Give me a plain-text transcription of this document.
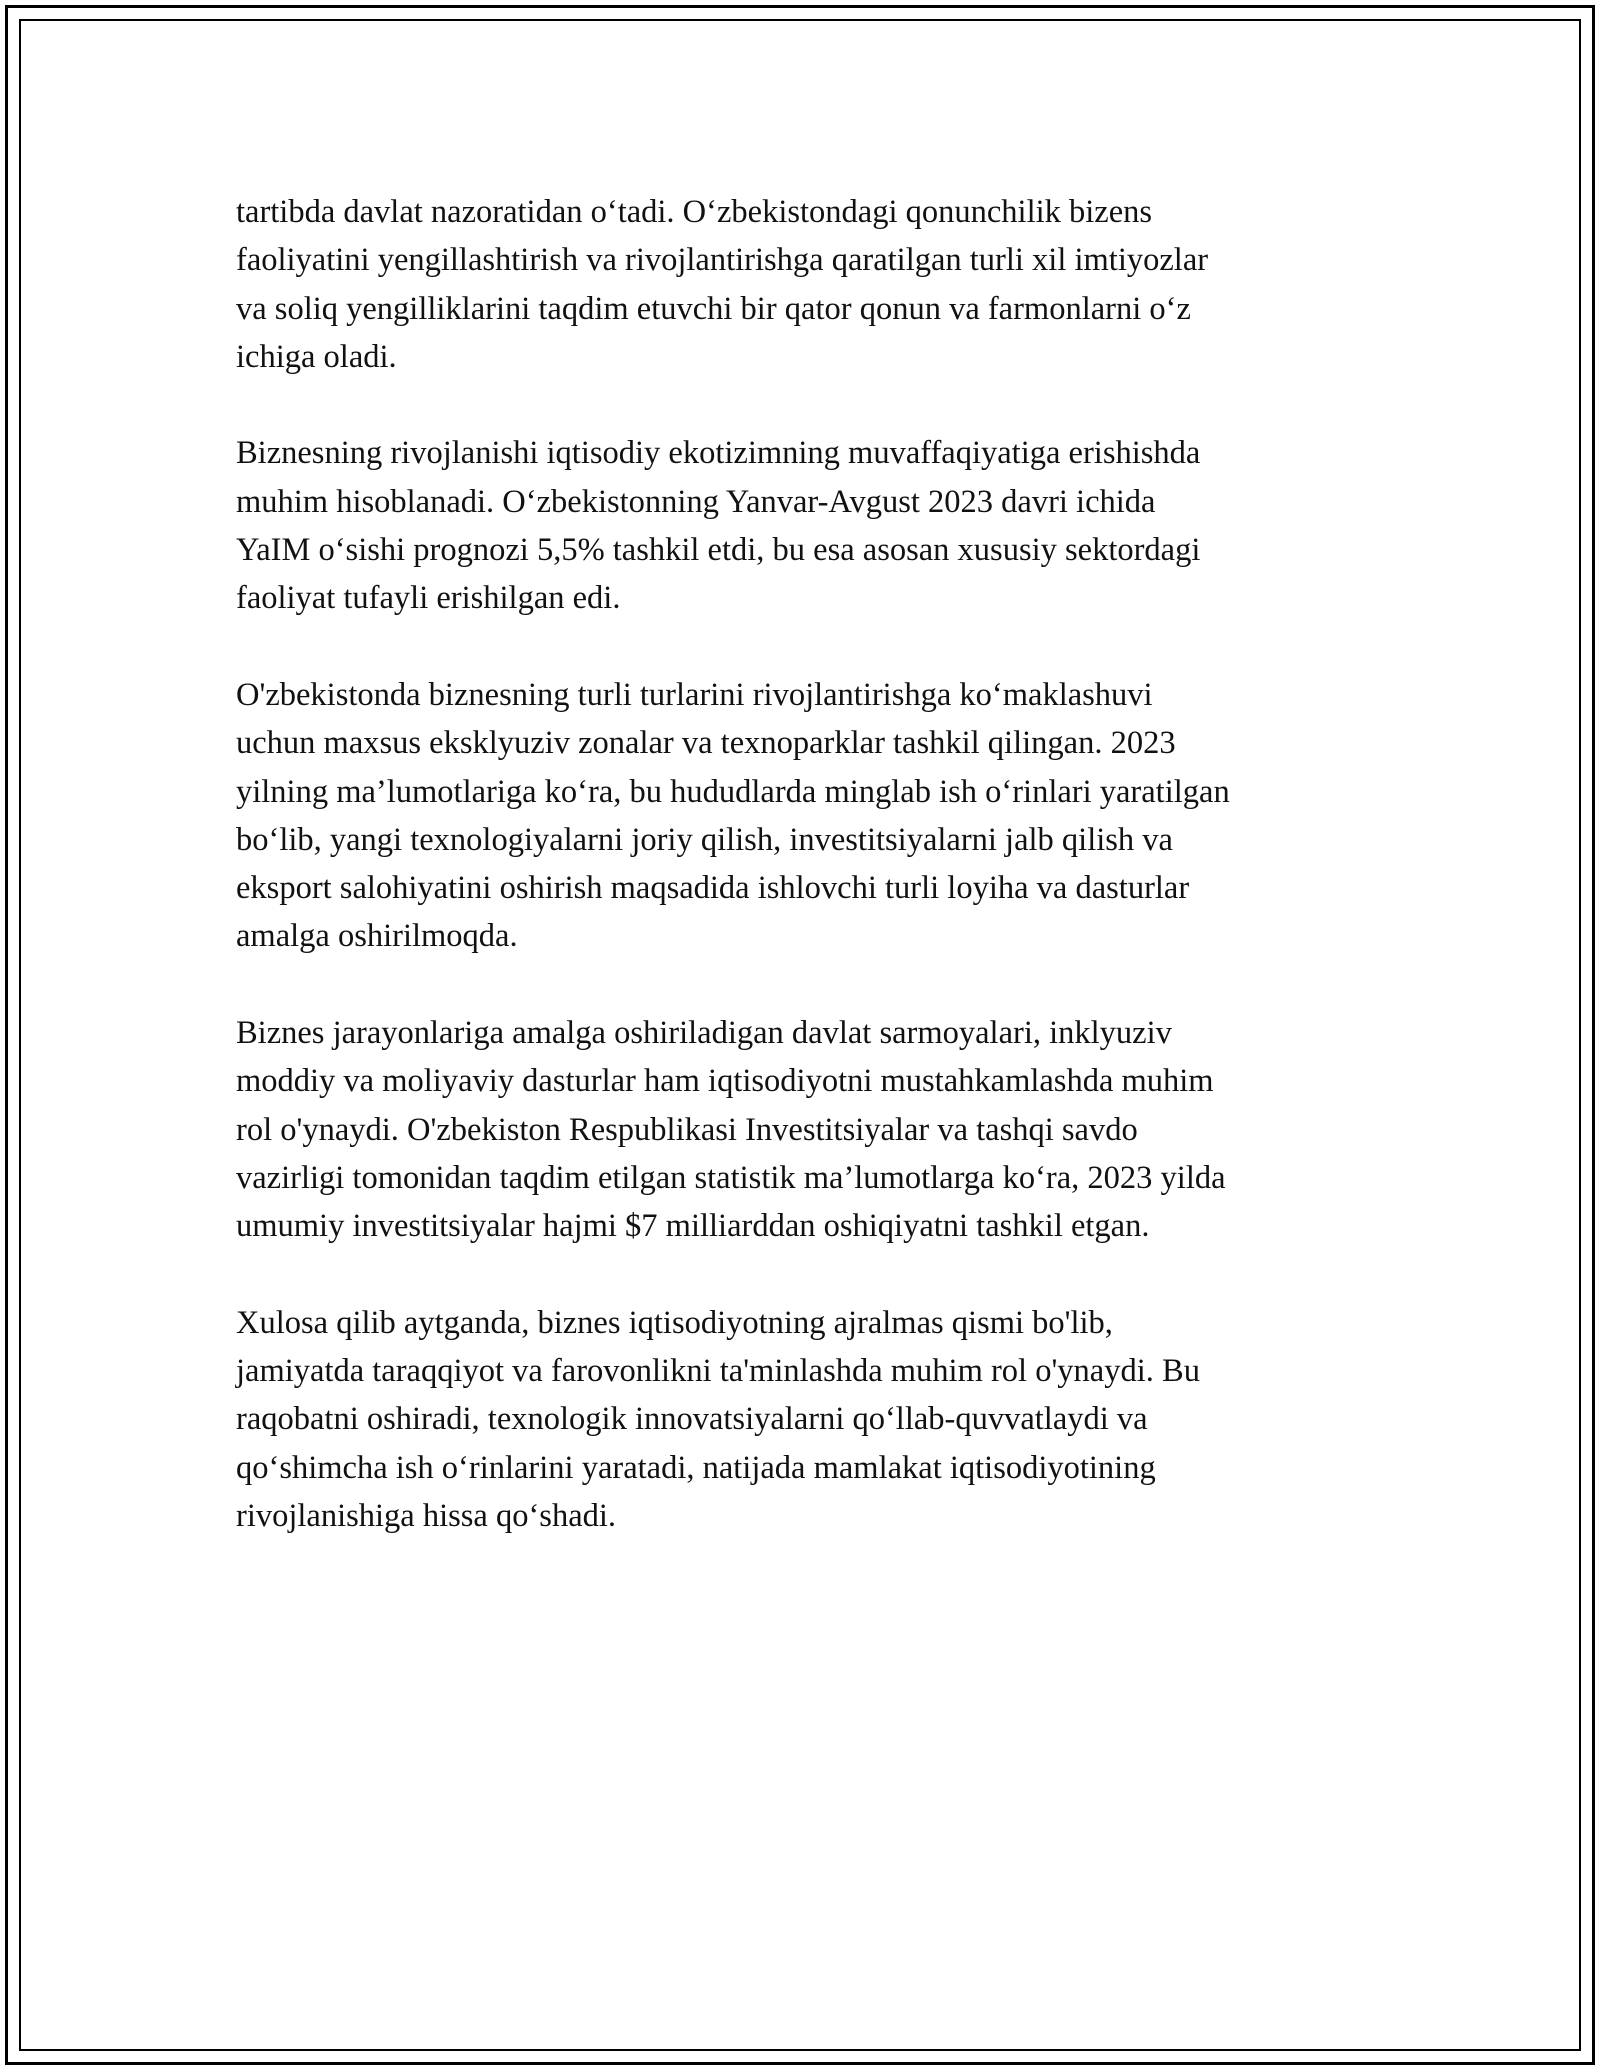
tartibda davlat nazoratidan o‘tadi. O‘zbekistondagi qonunchilik bizens
faoliyatini yengillashtirish va rivojlantirishga qaratilgan turli xil imtiyozlar
va soliq yengilliklarini taqdim etuvchi bir qator qonun va farmonlarni o‘z
ichiga oladi.

Biznesning rivojlanishi iqtisodiy ekotizimning muvaffaqiyatiga erishishda
muhim hisoblanadi. O‘zbekistonning Yanvar-Avgust 2023 davri ichida
YaIM o‘sishi prognozi 5,5% tashkil etdi, bu esa asosan xususiy sektordagi
faoliyat tufayli erishilgan edi.

O'zbekistonda biznesning turli turlarini rivojlantirishga ko‘maklashuvi
uchun maxsus eksklyuziv zonalar va texnoparklar tashkil qilingan. 2023
yilning ma’lumotlariga ko‘ra, bu hududlarda minglab ish o‘rinlari yaratilgan
bo‘lib, yangi texnologiyalarni joriy qilish, investitsiyalarni jalb qilish va
eksport salohiyatini oshirish maqsadida ishlovchi turli loyiha va dasturlar
amalga oshirilmoqda.

Biznes jarayonlariga amalga oshiriladigan davlat sarmoyalari, inklyuziv
moddiy va moliyaviy dasturlar ham iqtisodiyotni mustahkamlashda muhim
rol o'ynaydi. O'zbekiston Respublikasi Investitsiyalar va tashqi savdo
vazirligi tomonidan taqdim etilgan statistik ma’lumotlarga ko‘ra, 2023 yilda
umumiy investitsiyalar hajmi $7 milliarddan oshiqiyatni tashkil etgan.

Xulosa qilib aytganda, biznes iqtisodiyotning ajralmas qismi bo'lib,
jamiyatda taraqqiyot va farovonlikni ta'minlashda muhim rol o'ynaydi. Bu
raqobatni oshiradi, texnologik innovatsiyalarni qo‘llab-quvvatlaydi va
qo‘shimcha ish o‘rinlarini yaratadi, natijada mamlakat iqtisodiyotining
rivojlanishiga hissa qo‘shadi.
